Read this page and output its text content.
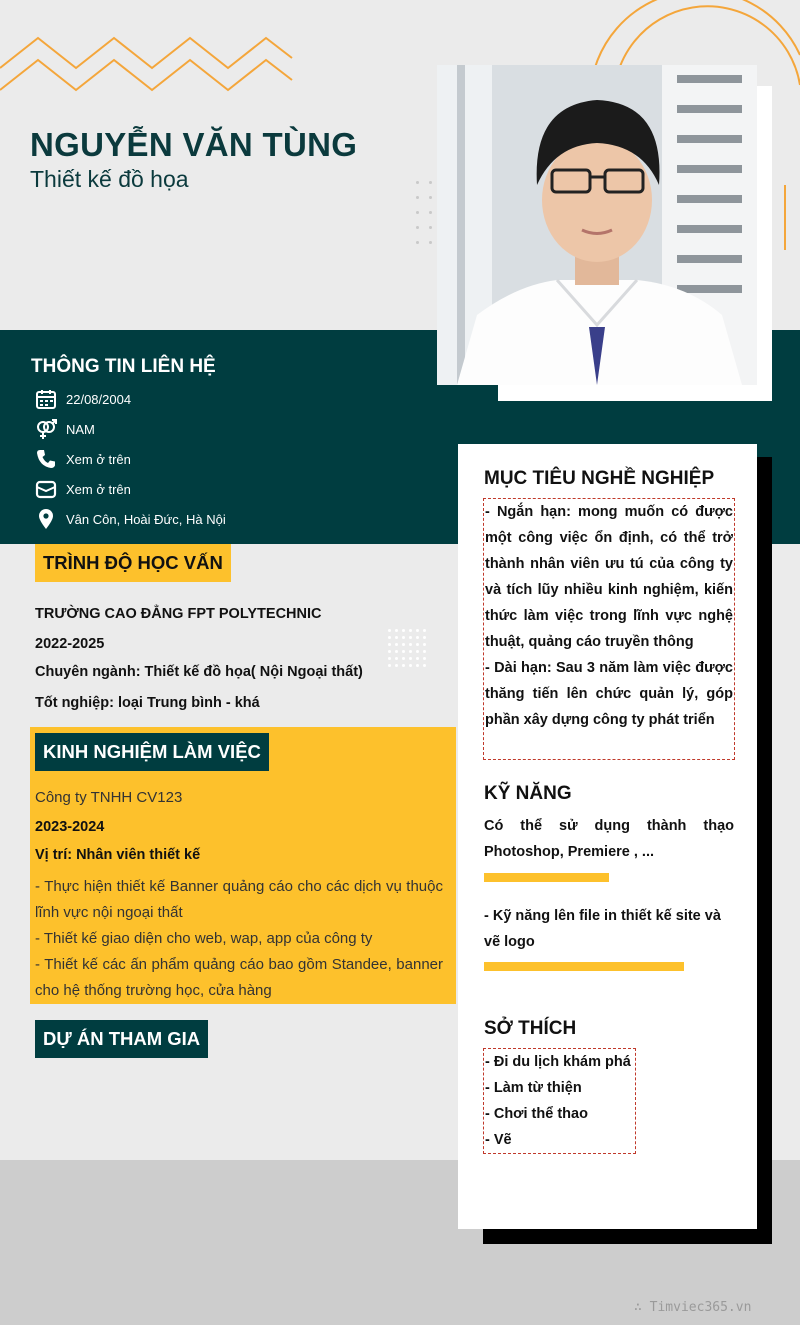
NGUYỄN VĂN TÙNG
Thiết kế đồ họa
THÔNG TIN LIÊN HỆ
22/08/2004
NAM
Xem ở trên
Xem ở trên
Vân Côn, Hoài Đức, Hà Nội
TRÌNH ĐỘ HỌC VẤN
TRƯỜNG CAO ĐẲNG FPT POLYTECHNIC
2022-2025
Chuyên ngành: Thiết kế đồ họa( Nội Ngoại thất)
Tốt nghiệp: loại Trung bình - khá
KINH NGHIỆM LÀM VIỆC
Công ty TNHH CV123
2023-2024
Vị trí: Nhân viên thiết kế
- Thực hiện thiết kế Banner quảng cáo cho các dịch vụ thuộc lĩnh vực nội ngoại thất
- Thiết kế giao diện cho web, wap, app của công ty
- Thiết kế các ấn phẩm quảng cáo bao gồm Standee, banner cho hệ thống trường học, cửa hàng
DỰ ÁN THAM GIA
MỤC TIÊU NGHỀ NGHIỆP
- Ngắn hạn: mong muốn có được một công việc ổn định, có thể trở thành nhân viên ưu tú của công ty và tích lũy nhiều kinh nghiệm, kiến thức làm việc trong lĩnh vực nghệ thuật, quảng cáo truyền thông
- Dài hạn: Sau 3 năm làm việc được thăng tiến lên chức quản lý, góp phần xây dựng công ty phát triển
KỸ NĂNG
Có thể sử dụng thành thạo Photoshop, Premiere , ...
- Kỹ năng lên file in thiết kế site và vẽ logo
SỞ THÍCH
- Đi du lịch khám phá
- Làm từ thiện
- Chơi thể thao
- Vẽ
∴ Timviec365.vn
